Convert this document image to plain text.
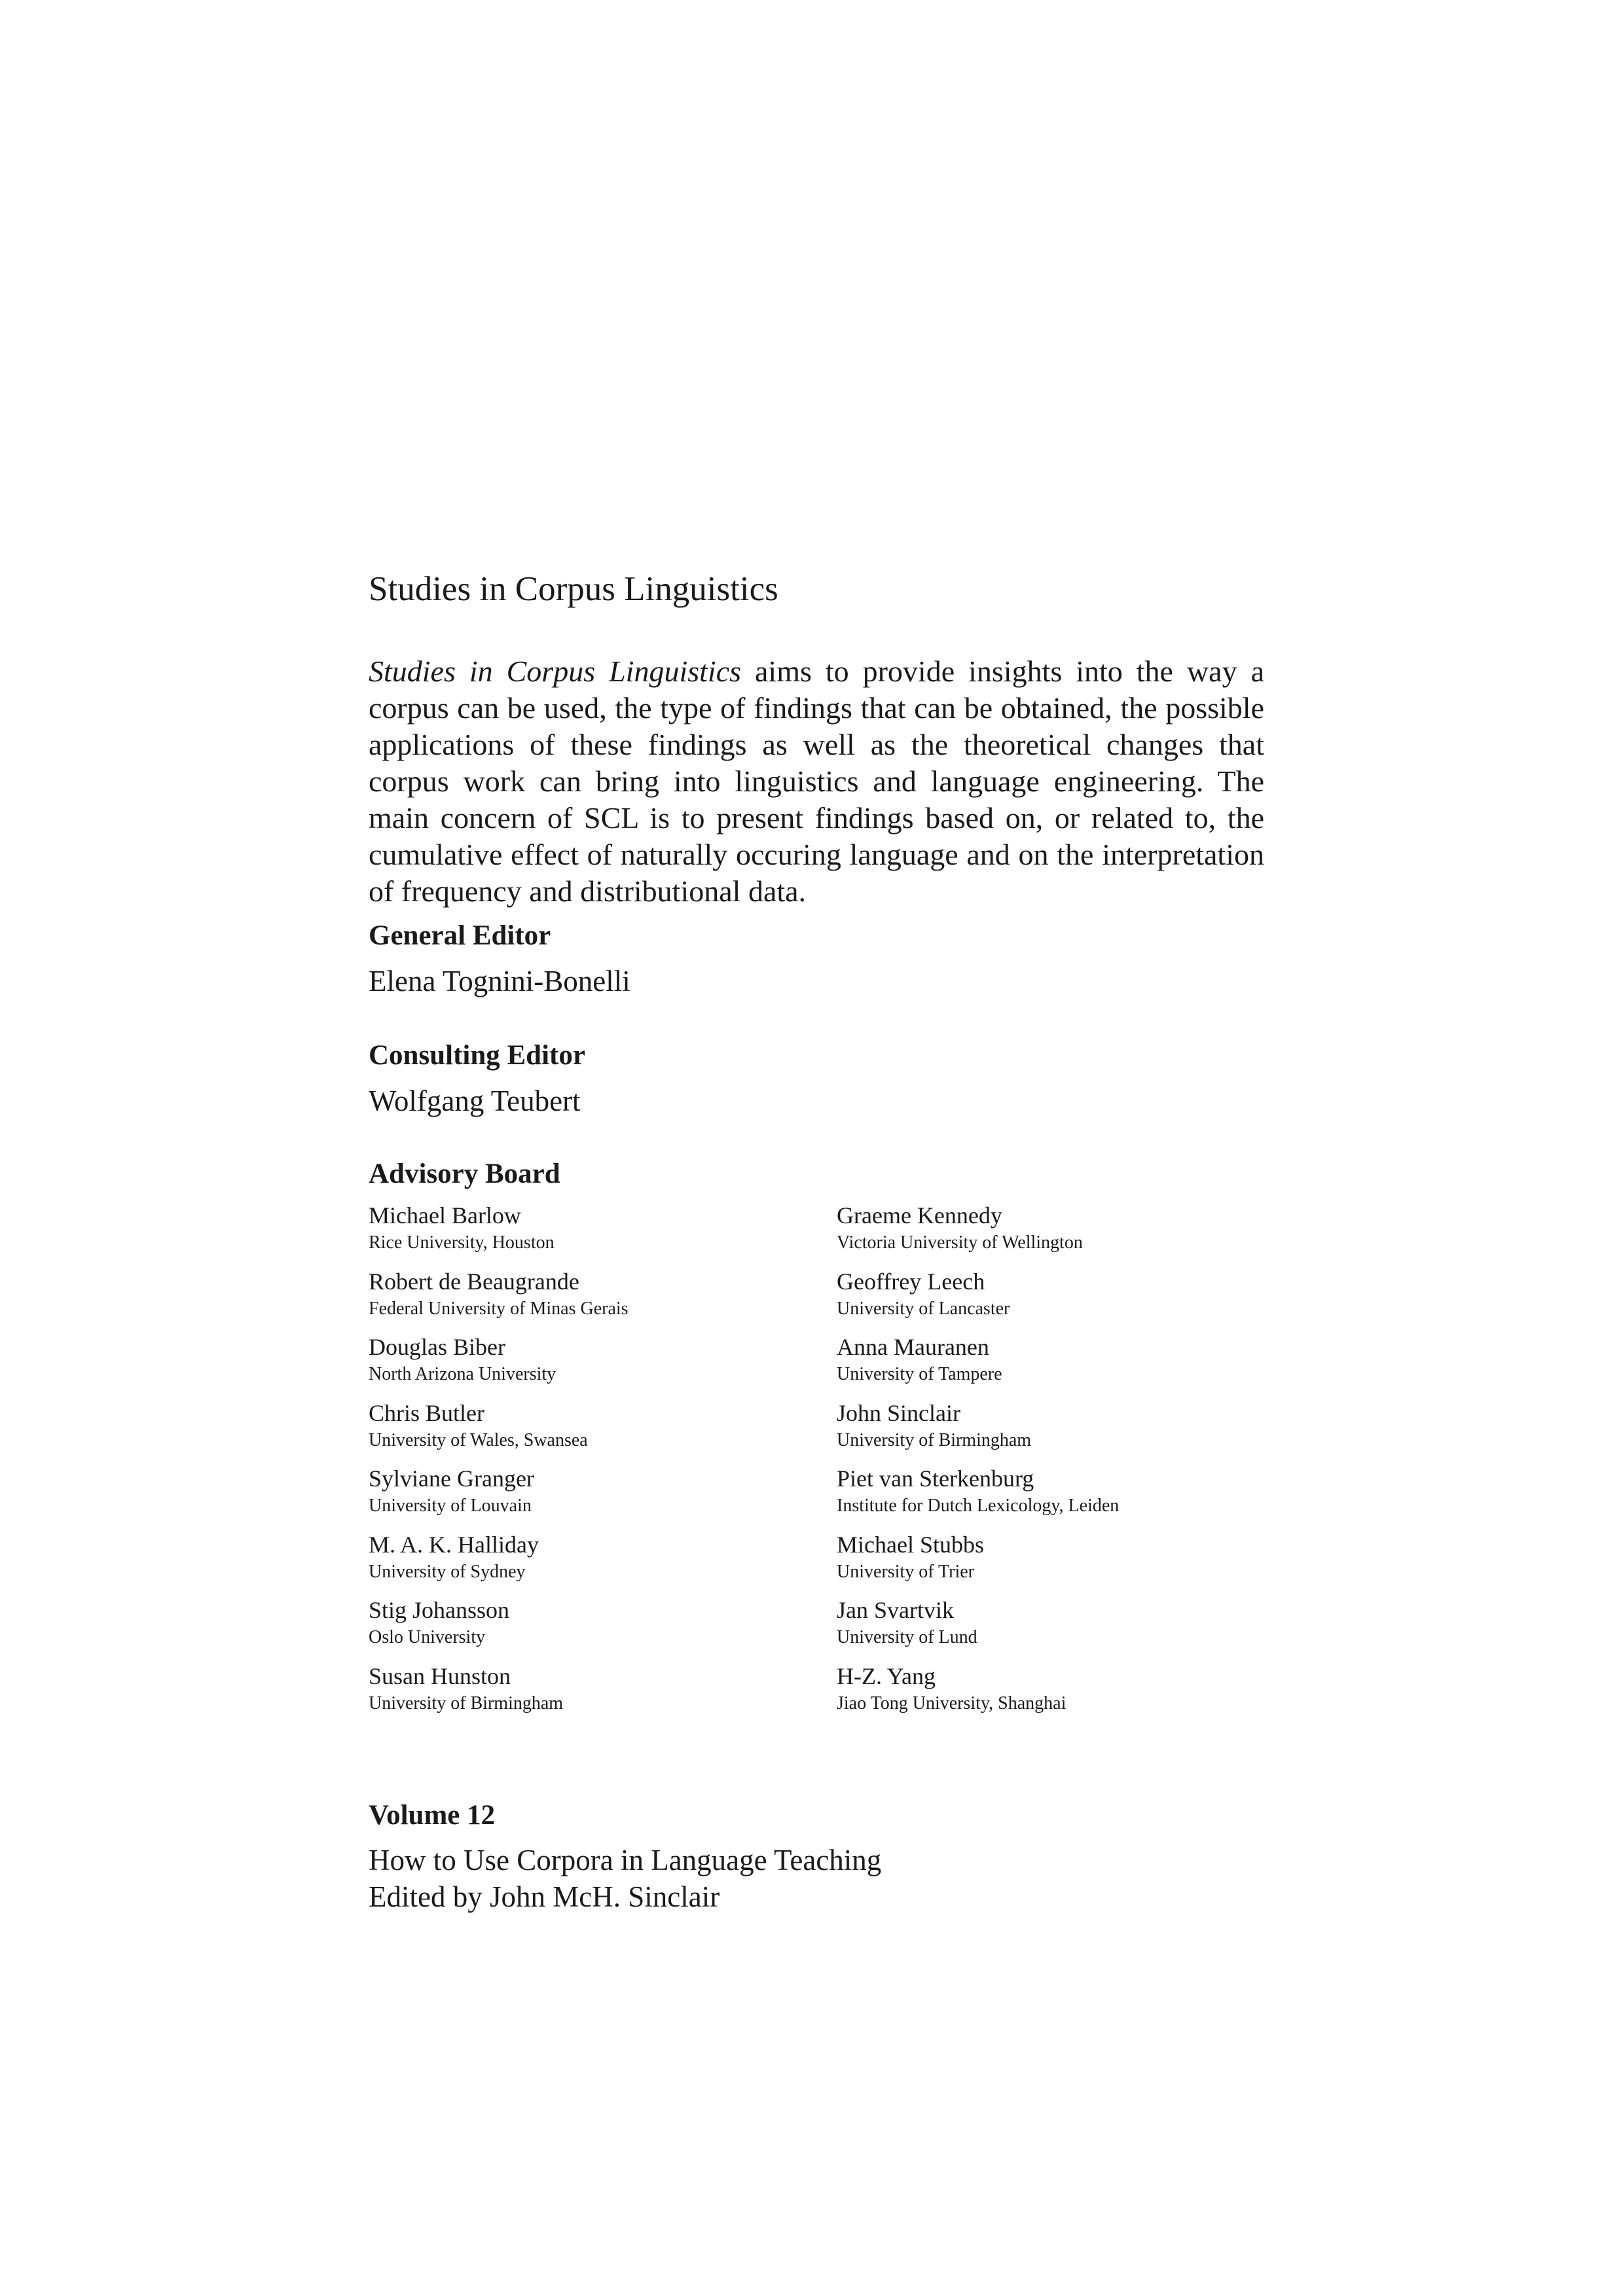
Studies in Corpus Linguistics

Studies in Corpus Linguistics aims to provide insights into the way a corpus can be used, the type of findings that can be obtained, the possible applications of these findings as well as the theoretical changes that corpus work can bring into linguistics and language engineering. The main concern of SCL is to present findings based on, or related to, the cumulative effect of naturally occuring language and on the interpretation of frequency and distributional data.

General Editor
Elena Tognini-Bonelli
Consulting Editor
Wolfgang Teubert
Advisory Board
Michael Barlow
Rice University, Houston
Robert de Beaugrande
Federal University of Minas Gerais
Douglas Biber
North Arizona University
Chris Butler
University of Wales, Swansea
Sylviane Granger
University of Louvain
M. A. K. Halliday
University of Sydney
Stig Johansson
Oslo University
Susan Hunston
University of Birmingham
Graeme Kennedy
Victoria University of Wellington
Geoffrey Leech
University of Lancaster
Anna Mauranen
University of Tampere
John Sinclair
University of Birmingham
Piet van Sterkenburg
Institute for Dutch Lexicology, Leiden
Michael Stubbs
University of Trier
Jan Svartvik
University of Lund
H-Z. Yang
Jiao Tong University, Shanghai
Volume 12
How to Use Corpora in Language Teaching
Edited by John McH. Sinclair
